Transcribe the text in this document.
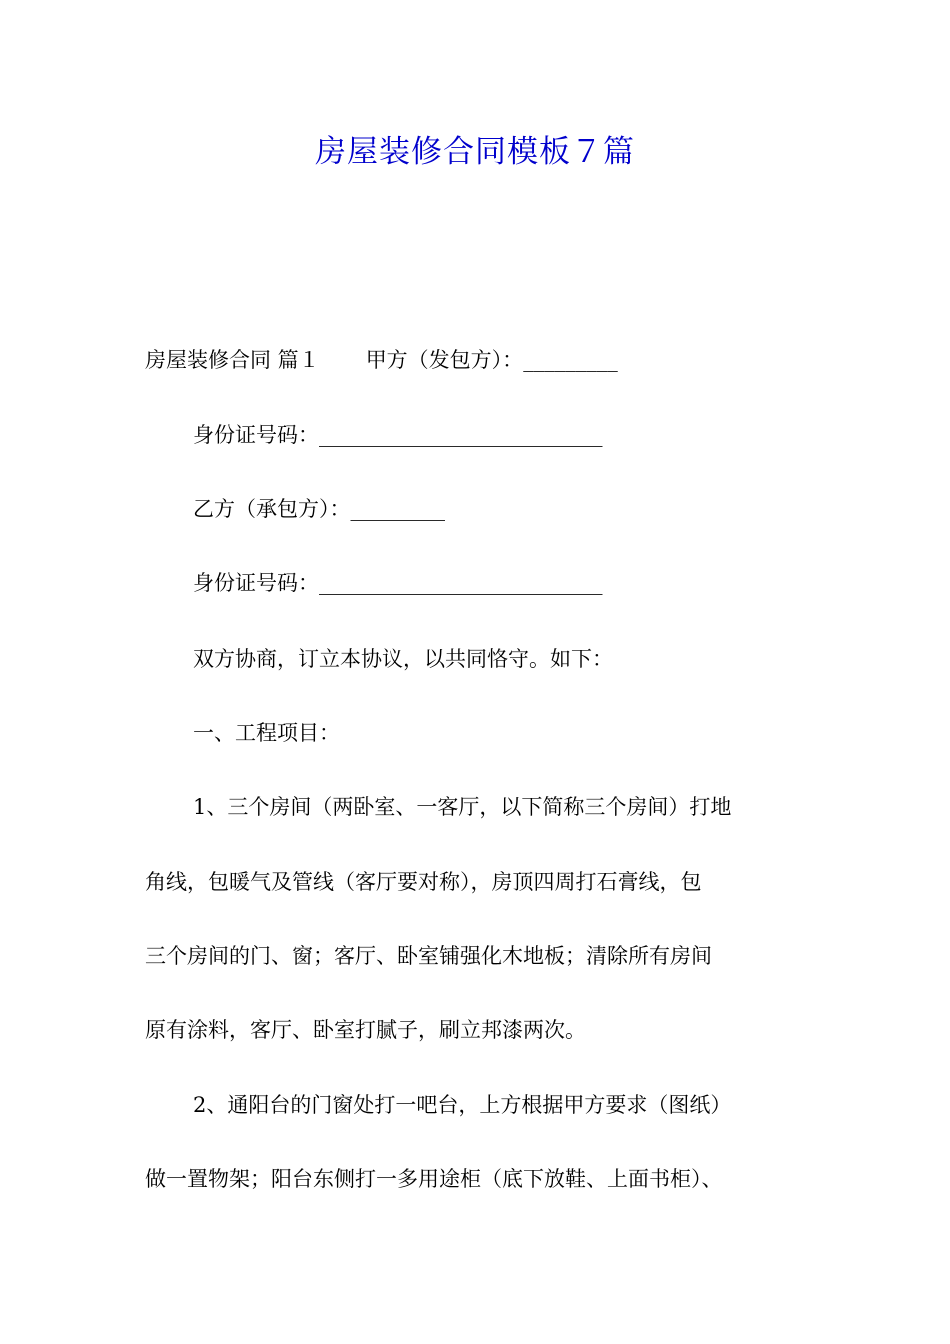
房屋装修合同模板７篇
房屋装修合同 篇１ 甲方（发包方）：_________
身份证号码：___________________________
乙方（承包方）：_________
身份证号码：___________________________
双方协商，订立本协议，以共同恪守。如下：
一、工程项目：
1、三个房间（两卧室、一客厅，以下简称三个房间）打地
角线，包暖气及管线（客厅要对称），房顶四周打石膏线，包
三个房间的门、窗；客厅、卧室铺强化木地板；清除所有房间
原有涂料，客厅、卧室打腻子，刷立邦漆两次。
2、通阳台的门窗处打一吧台，上方根据甲方要求（图纸）
做一置物架；阳台东侧打一多用途柜（底下放鞋、上面书柜）、
